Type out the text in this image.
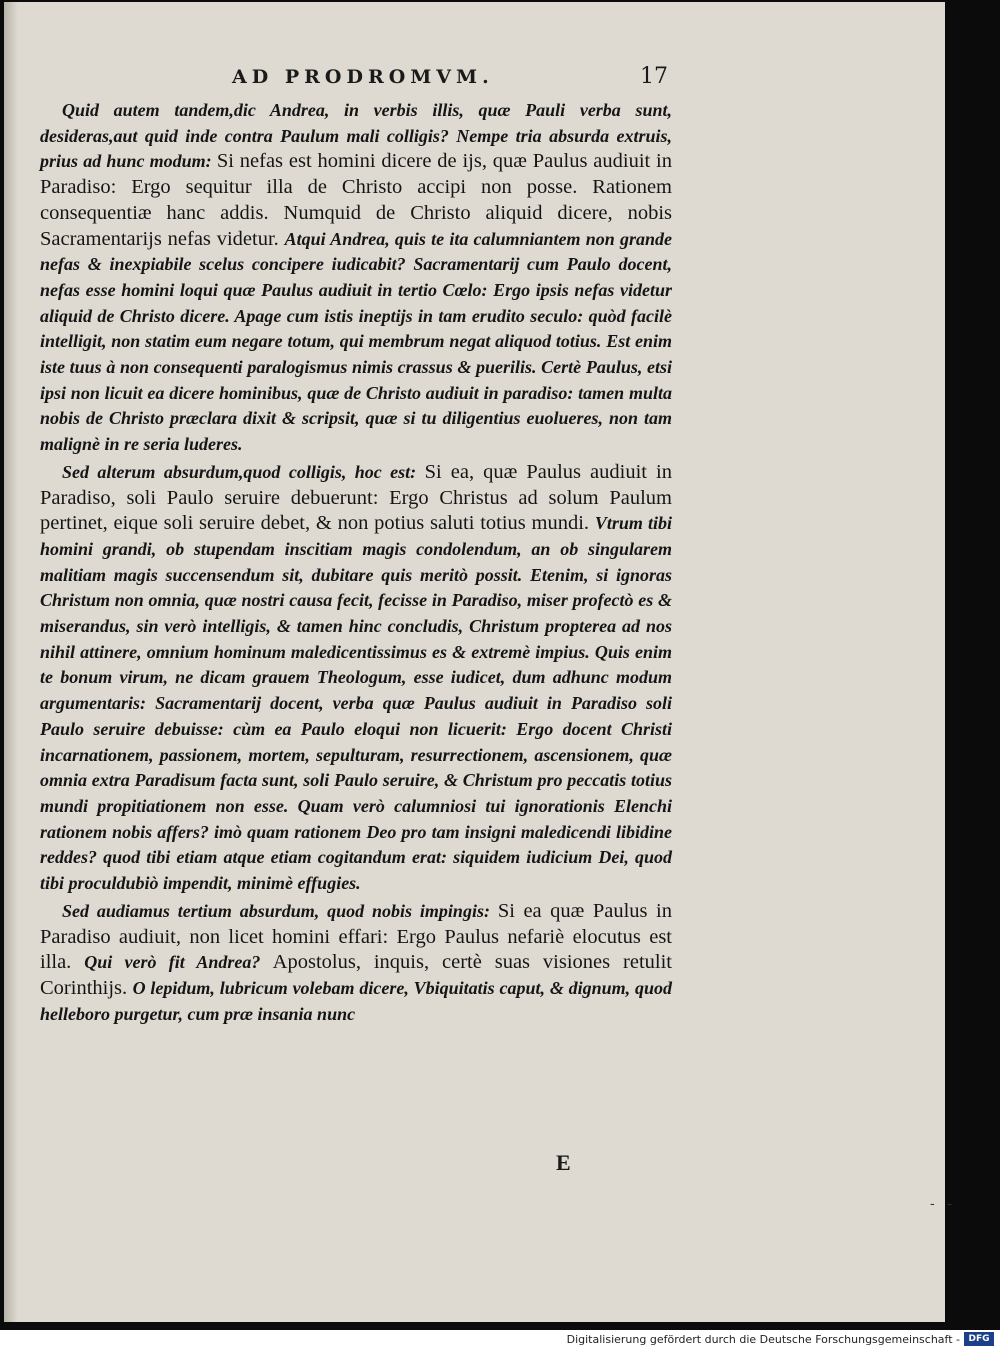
AD PRODROMVM.	17

Quid autem tandem,dic Andrea, in verbis illis, quæ Pauli verba sunt, desideras,aut quid inde contra Paulum mali colligis? Nempe tria absurda extruis, prius ad hunc modum: Si nefas est homini dicere de ijs, quæ Paulus audiuit in Paradiso: Ergo sequitur illa de Christo accipi non posse. Rationem consequentiæ hanc addis. Numquid de Christo aliquid dicere, nobis Sacramentarijs nefas videtur. Atqui Andrea, quis te ita calumniantem non grande nefas & inexpiabile scelus concipere iudicabit? Sacramentarij cum Paulo docent, nefas esse homini loqui quæ Paulus audiuit in tertio Cœlo: Ergo ipsis nefas videtur aliquid de Christo dicere. Apage cum istis ineptijs in tam erudito seculo: quòd facilè intelligit, non statim eum negare totum, qui membrum negat aliquod totius. Est enim iste tuus à non consequenti paralogismus nimis crassus & puerilis. Certè Paulus, etsi ipsi non licuit ea dicere hominibus, quæ de Christo audiuit in paradiso: tamen multa nobis de Christo præclara dixit & scripsit, quæ si tu diligentius euolueres, non tam malignè in re seria luderes.

Sed alterum absurdum,quod colligis, hoc est: Si ea, quæ Paulus audiuit in Paradiso, soli Paulo seruire debuerunt: Ergo Christus ad solum Paulum pertinet, eique soli seruire debet, & non potius saluti totius mundi. Vtrum tibi homini grandi, ob stupendam inscitiam magis condolendum, an ob singularem malitiam magis succensendum sit, dubitare quis meritò possit. Etenim, si ignoras Christum non omnia, quæ nostri causa fecit, fecisse in Paradiso, miser profectò es & miserandus, sin verò intelligis, & tamen hinc concludis, Christum propterea ad nos nihil attinere, omnium hominum maledicentissimus es & extremè impius. Quis enim te bonum virum, ne dicam grauem Theologum, esse iudicet, dum adhunc modum argumentaris: Sacramentarij docent, verba quæ Paulus audiuit in Paradiso soli Paulo seruire debuisse: cùm ea Paulo eloqui non licuerit: Ergo docent Christi incarnationem, passionem, mortem, sepulturam, resurrectionem, ascensionem, quæ omnia extra Paradisum facta sunt, soli Paulo seruire, & Christum pro peccatis totius mundi propitiationem non esse. Quam verò calumniosi tui ignorationis Elenchi rationem nobis affers? imò quam rationem Deo pro tam insigni maledicendi libidine reddes? quod tibi etiam atque etiam cogitandum erat: siquidem iudicium Dei, quod tibi proculdubiò impendit, minimè effugies.

Sed audiamus tertium absurdum, quod nobis impingis: Si ea quæ Paulus in Paradiso audiuit, non licet homini effari: Ergo Paulus nefariè elocutus est illa. Qui verò fit Andrea? Apostolus, inquis, certè suas visiones retulit Corinthijs. O lepidum, lubricum volebam dicere, Vbiquitatis caput, & dignum, quod helleboro purgetur, cum præ insania nunc

E
- -
Digitalisierung gefördert durch die Deutsche Forschungsgemeinschaft - DFG
